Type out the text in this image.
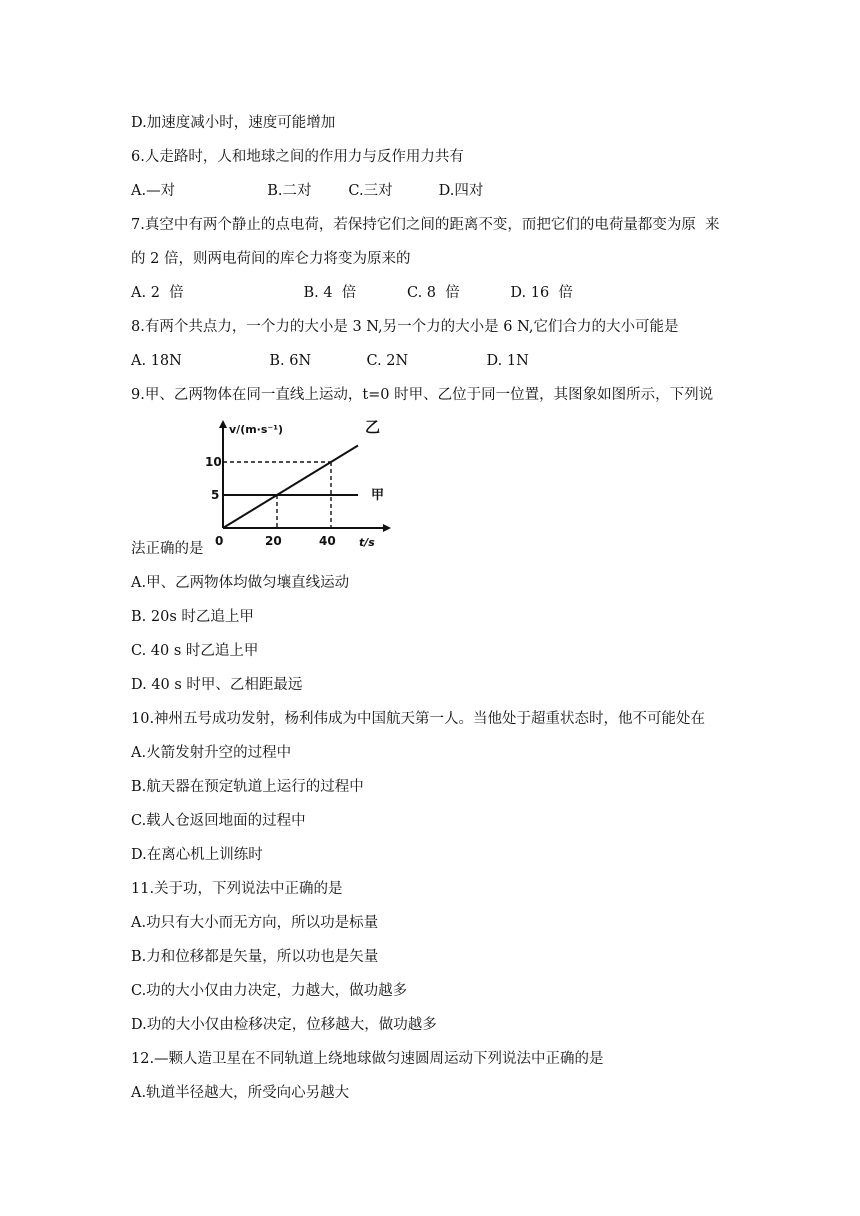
D.加速度减小时，速度可能增加
6.人走路时，人和地球之间的作用力与反作用力共有
A.—对                    B.二对        C.三对          D.四对
7.真空中有两个静止的点电荷，若保持它们之间的距离不变，而把它们的电荷量都变为原  来
的 2 倍，则两电荷间的库仑力将变为原来的
A. 2  倍                          B. 4  倍           C. 8  倍           D. 16  倍
8.有两个共点力，一个力的大小是 3 N,另一个力的大小是 6 N,它们合力的大小可能是
A. 18N                   B. 6N            C. 2N                 D. 1N
9.甲、乙两物体在同一直线上运动，t=0 时甲、乙位于同一位置，其图象如图所示，下列说
法正确的是
A.甲、乙两物体均做匀壤直线运动
B. 20s 时乙追上甲
C. 40 s 时乙追上甲
D. 40 s 时甲、乙相距最远
10.神州五号成功发射，杨利伟成为中国航天第一人。当他处于超重状态时，他不可能处在
A.火箭发射升空的过程中
B.航天器在预定轨道上运行的过程中
C.载人仓返回地面的过程中
D.在离心机上训练时
11.关于功，下列说法中正确的是
A.功只有大小而无方向，所以功是标量
B.力和位移都是矢量，所以功也是矢量
C.功的大小仅由力决定，力越大，做功越多
D.功的大小仅由检移决定，位移越大，做功越多
12.—颗人造卫星在不同轨道上绕地球做匀速圆周运动下列说法中正确的是
A.轨道半径越大，所受向心另越大
v/(m·s⁻¹)
t/s
0
10
5
20	40
甲
乙
